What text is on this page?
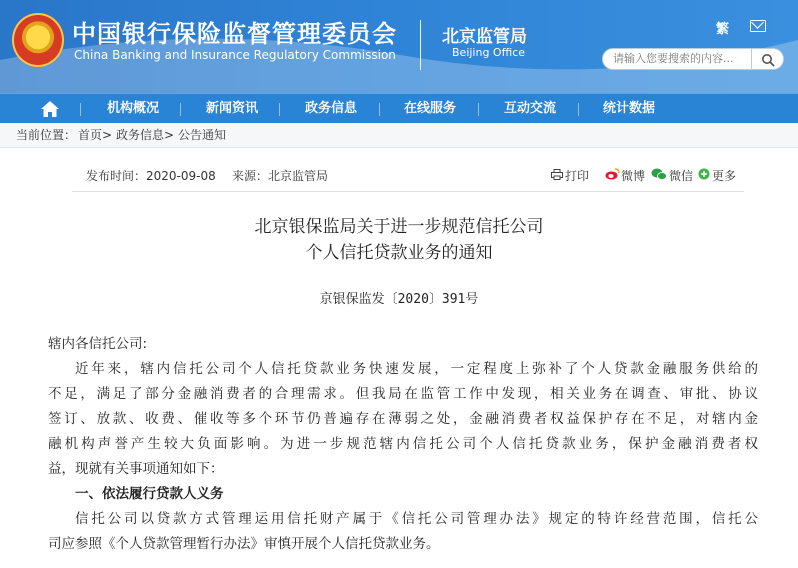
★ 中国银行保险监督管理委员会
China Banking and Insurance Regulatory Commission
北京监管局
Beijing Office
繁
请输入您要搜索的内容...
机构概况	新闻资讯	政务信息	在线服务	互动交流	统计数据
当前位置： 首页 > 政务信息 > 公告通知
发布时间：2020-09-08 来源：北京监管局	打印	微博 微信 更多
北京银保监局关于进一步规范信托公司
个人信托贷款业务的通知
京银保监发〔2020〕391号

辖内各信托公司:

近年来，辖内信托公司个人信托贷款业务快速发展，一定程度上弥补了个人贷款金融服务供给的

不足，满足了部分金融消费者的合理需求。但我局在监管工作中发现，相关业务在调查、审批、协议

签订、放款、收费、催收等多个环节仍普遍存在薄弱之处，金融消费者权益保护存在不足，对辖内金

融机构声誉产生较大负面影响。为进一步规范辖内信托公司个人信托贷款业务，保护金融消费者权

益，现就有关事项通知如下：

一、依法履行贷款人义务

信托公司以贷款方式管理运用信托财产属于《信托公司管理办法》规定的特许经营范围，信托公

司应参照《个人贷款管理暂行办法》审慎开展个人信托贷款业务。
